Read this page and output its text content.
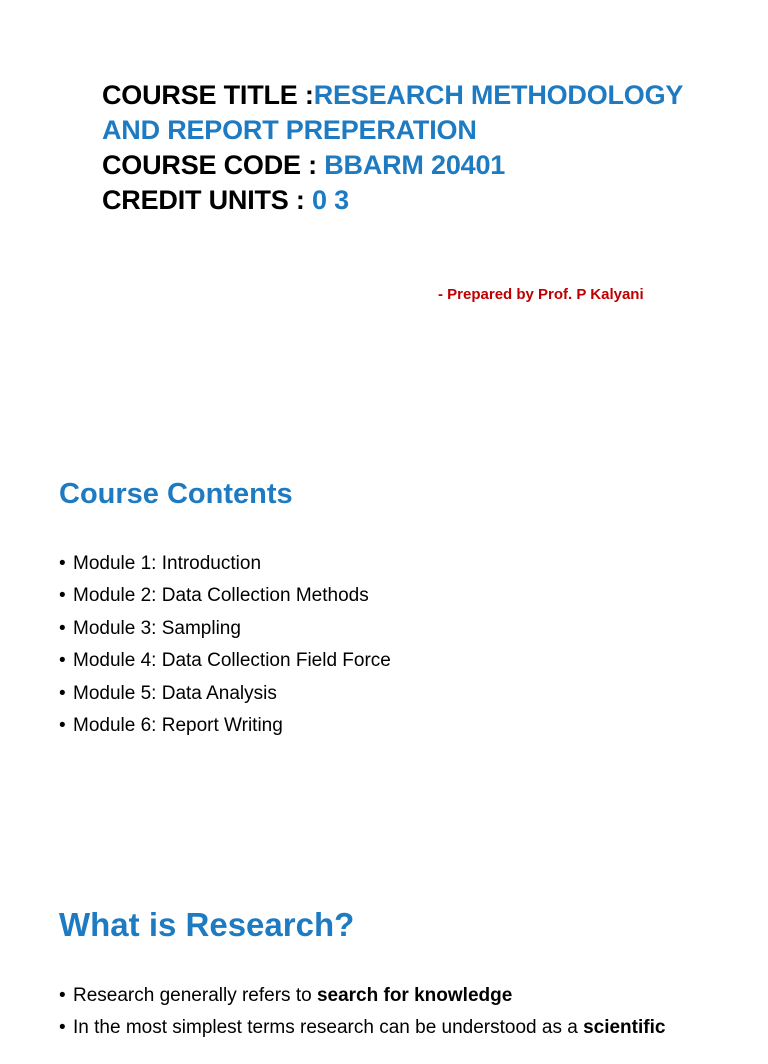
COURSE TITLE :RESEARCH METHODOLOGY
AND REPORT PREPERATION
COURSE CODE : BBARM 20401
CREDIT UNITS : 0 3
- Prepared by Prof. P Kalyani
Course Contents
• Module 1: Introduction
• Module 2: Data Collection Methods
• Module 3: Sampling
• Module 4: Data Collection Field Force
• Module 5: Data Analysis
• Module 6: Report Writing
What is Research?
• Research generally refers to search for knowledge
• In the most simplest terms research can be understood as a scientific
